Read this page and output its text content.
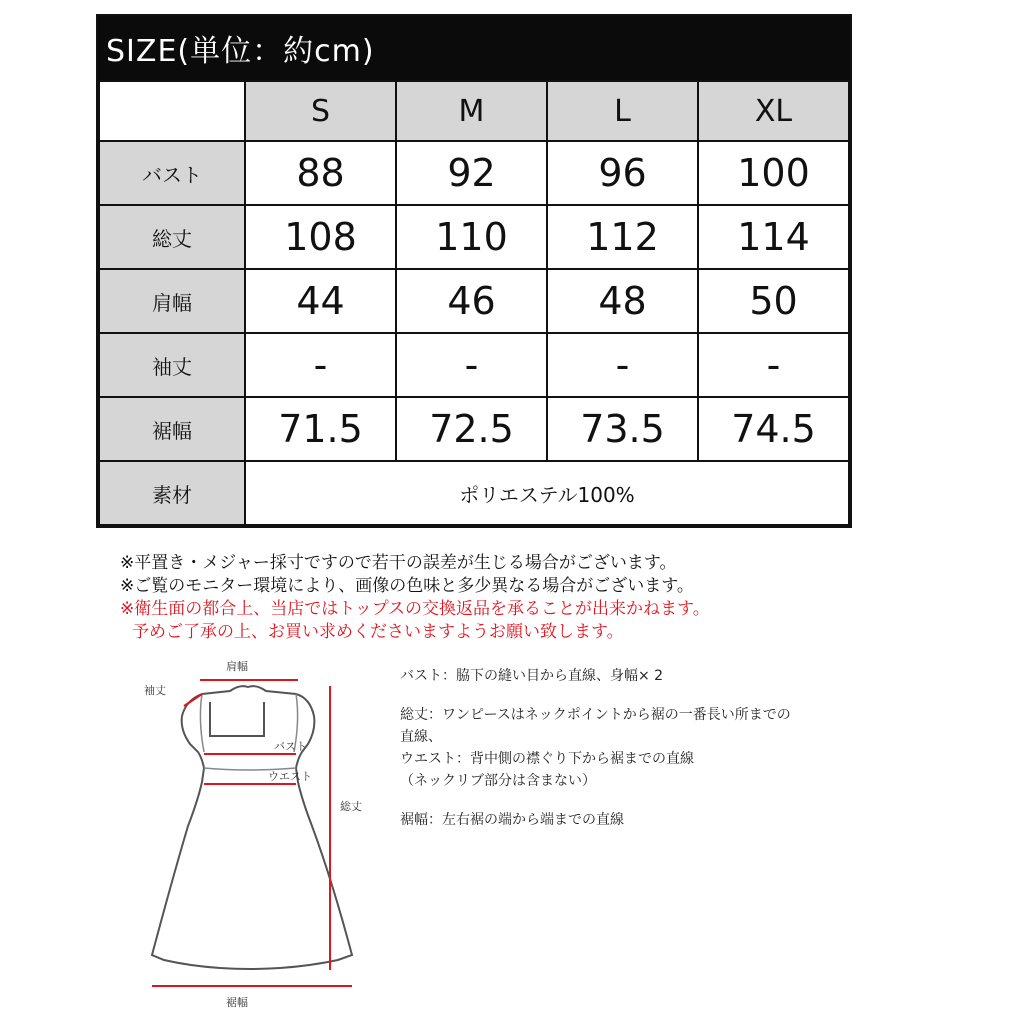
SIZE(単位：約cm)
	S	M	L	XL
バスト	88	92	96	100
総丈	108	110	112	114
肩幅	44	46	48	50
袖丈	-	-	-	-
裾幅	71.5	72.5	73.5	74.5
素材	ポリエステル100%			
※平置き・メジャー採寸ですので若干の誤差が生じる場合がございます。
※ご覧のモニター環境により、画像の色味と多少異なる場合がございます。
※衛生面の都合上、当店ではトップスの交換返品を承ることが出来かねます。
予めご了承の上、お買い求めくださいますようお願い致します。
肩幅
袖丈
バスト
ウエスト
総丈
裾幅
バスト：脇下の縫い目から直線、身幅× 2
総丈：ワンピースはネックポイントから裾の一番長い所までの
直線、
ウエスト：背中側の襟ぐり下から裾までの直線
（ネックリブ部分は含まない）
裾幅：左右裾の端から端までの直線
